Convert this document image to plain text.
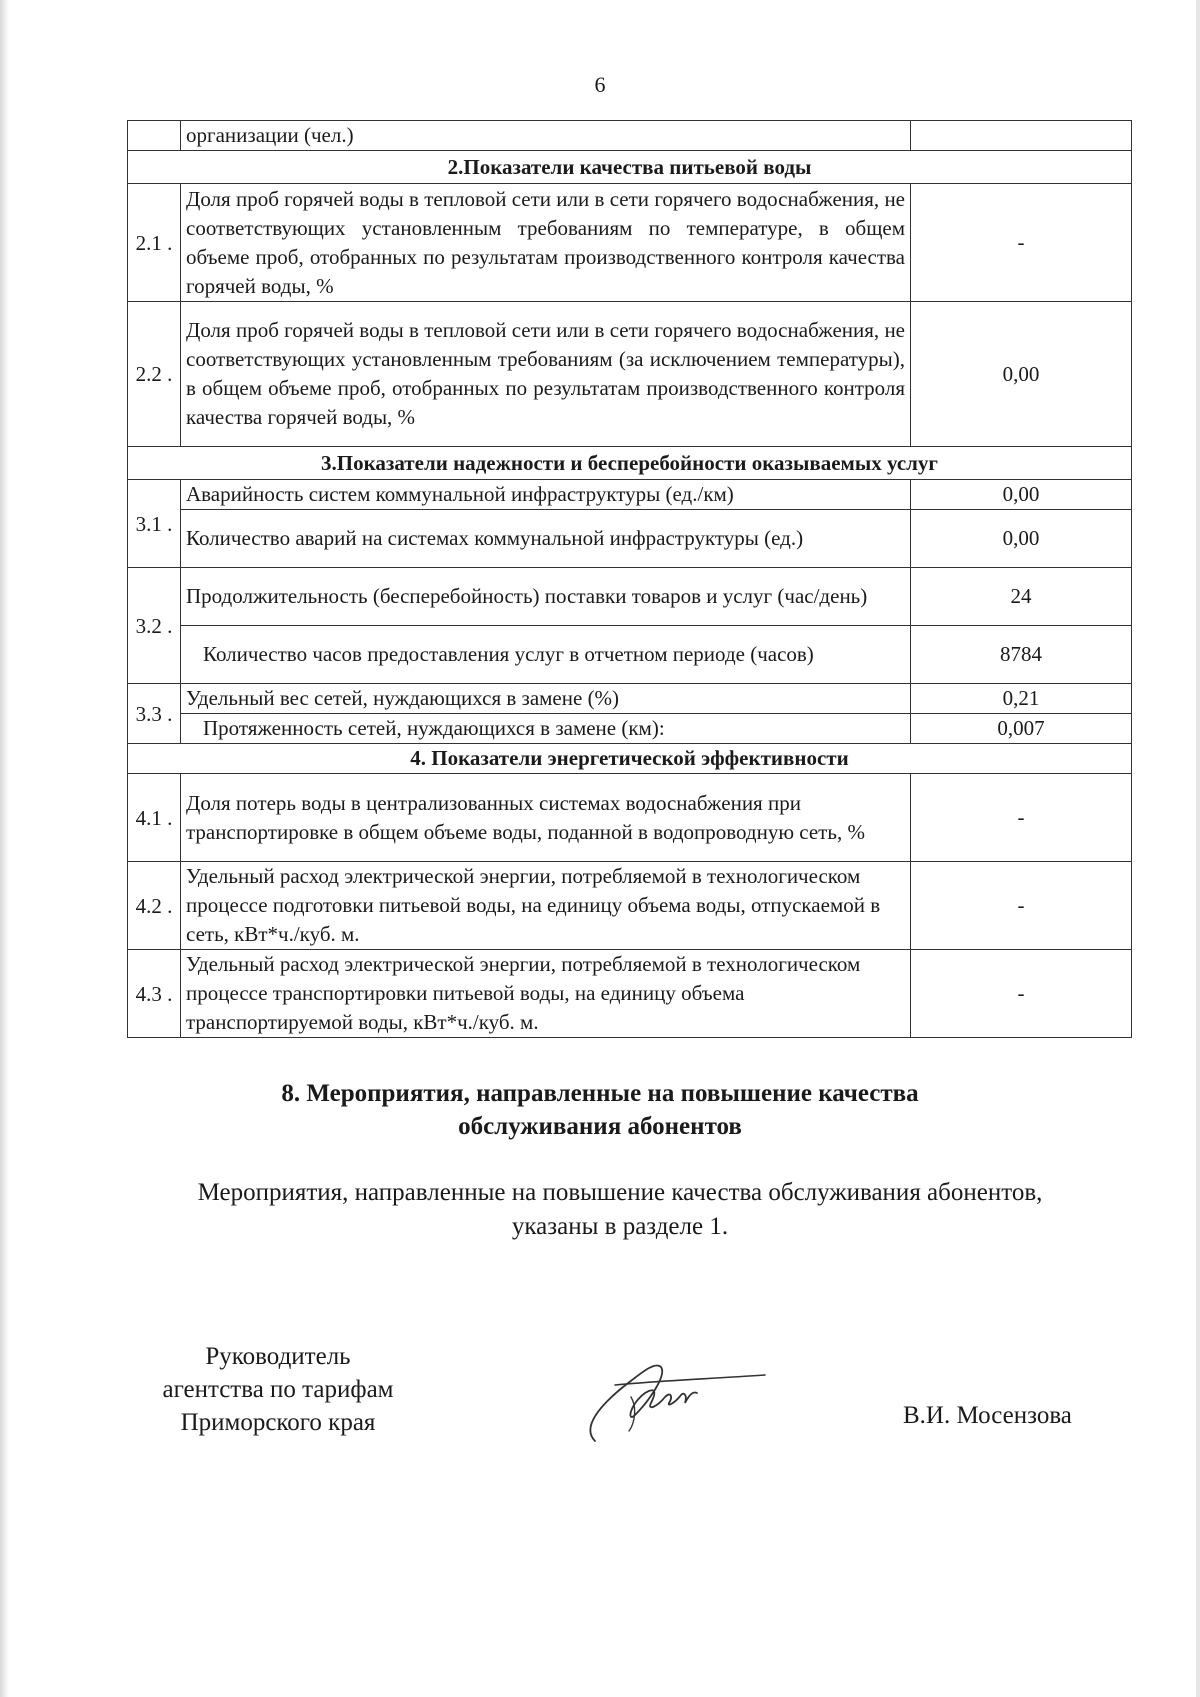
6
	организации (чел.)	
2.Показатели качества питьевой воды		
2.1 .	Доля проб горячей воды в тепловой сети или в сети горячего водоснабжения, не соответствующих установленным требованиям по температуре, в общем объеме проб, отобранных по результатам производственного контроля качества горячей воды, %	-
2.2 .	Доля проб горячей воды в тепловой сети или в сети горячего водоснабжения, не соответствующих установленным требованиям (за исключением температуры), в общем объеме проб, отобранных по результатам производственного контроля качества горячей воды, %	0,00
3.Показатели надежности и бесперебойности оказываемых услуг		
3.1 .	Аварийность систем коммунальной инфраструктуры (ед./км)	0,00
	Количество аварий на системах коммунальной инфраструктуры (ед.)	0,00
3.2 .	Продолжительность (бесперебойность) поставки товаров и услуг (час/день)	24
	Количество часов предоставления услуг в отчетном периоде (часов)	8784
3.3 .	Удельный вес сетей, нуждающихся в замене (%)	0,21
	Протяженность сетей, нуждающихся в замене (км):	0,007
4. Показатели энергетической эффективности		
4.1 .	Доля потерь воды в централизованных системах водоснабжения при транспортировке в общем объеме воды, поданной в водопроводную сеть, %	-
4.2 .	Удельный расход электрической энергии, потребляемой в технологическом процессе подготовки питьевой воды, на единицу объема воды, отпускаемой в сеть, кВт*ч./куб. м.	-
4.3 .	Удельный расход электрической энергии, потребляемой в технологическом процессе транспортировки питьевой воды, на единицу объема транспортируемой воды, кВт*ч./куб. м.	-
8. Мероприятия, направленные на повышение качества
обслуживания абонентов
Мероприятия, направленные на повышение качества обслуживания абонентов,
указаны в разделе 1.
Руководитель
агентства по тарифам
Приморского края	В.И. Мосензова
